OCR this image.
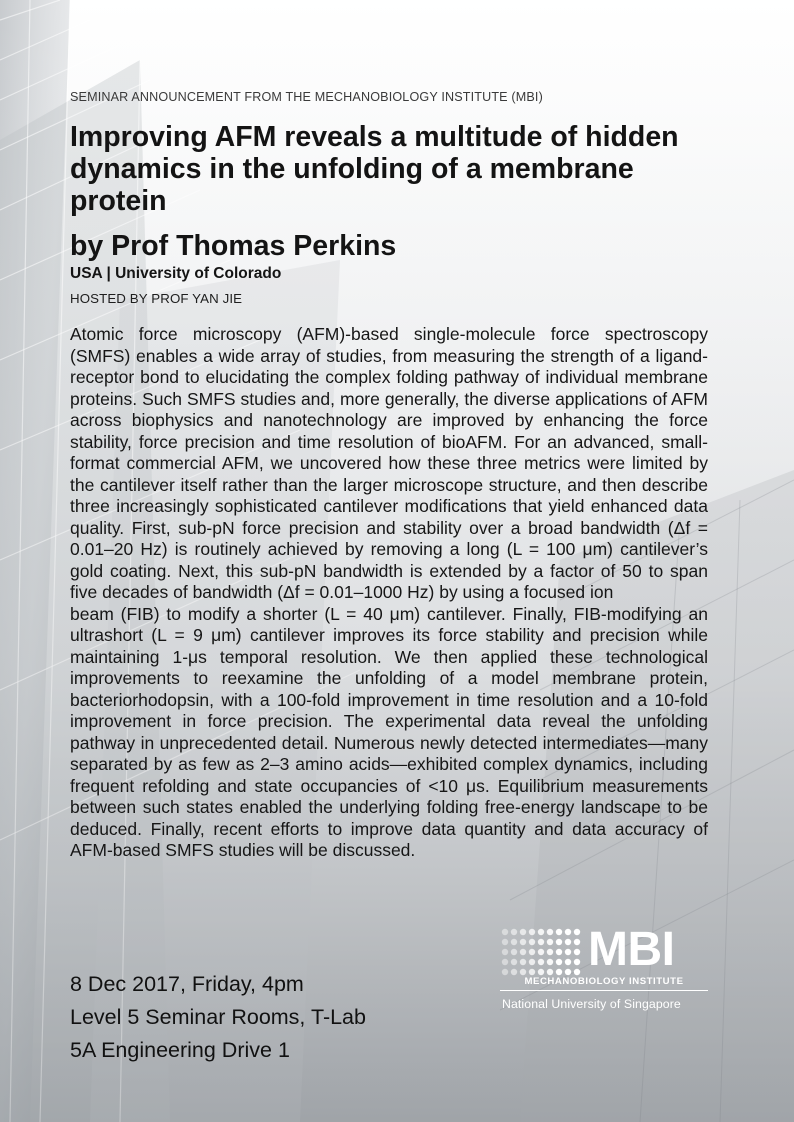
SEMINAR ANNOUNCEMENT FROM THE MECHANOBIOLOGY INSTITUTE (MBI)
Improving AFM reveals a multitude of hidden dynamics in the unfolding of a membrane protein
by Prof Thomas Perkins
USA | University of Colorado
HOSTED BY PROF YAN JIE

Atomic force microscopy (AFM)-based single-molecule force spectroscopy (SMFS) enables a wide array of studies, from measuring the strength of a ligand-receptor bond to elucidating the complex folding pathway of individual membrane proteins. Such SMFS studies and, more generally, the diverse applications of AFM across biophysics and nanotechnology are improved by enhancing the force stability, force precision and time resolution of bioAFM. For an advanced, small-format commercial AFM, we uncovered how these three metrics were limited by the cantilever itself rather than the larger microscope structure, and then describe three increasingly sophisticated cantilever modifications that yield enhanced data quality. First, sub-pN force precision and stability over a broad bandwidth (Δf = 0.01–20 Hz) is routinely achieved by removing a long (L = 100 μm) cantilever’s gold coating. Next, this sub-pN bandwidth is extended by a factor of 50 to span five decades of bandwidth (Δf = 0.01–1000 Hz) by using a focused ion

beam (FIB) to modify a shorter (L = 40 μm) cantilever. Finally, FIB-modifying an ultrashort (L = 9 μm) cantilever improves its force stability and precision while maintaining 1-μs temporal resolution. We then applied these technological improvements to reexamine the unfolding of a model membrane protein, bacteriorhodopsin, with a 100-fold improvement in time resolution and a 10-fold improvement in force precision. The experimental data reveal the unfolding pathway in unprecedented detail. Numerous newly detected intermediates—many separated by as few as 2–3 amino acids—exhibited complex dynamics, including frequent refolding and state occupancies of <10 μs. Equilibrium measurements between such states enabled the underlying folding free-energy landscape to be deduced. Finally, recent efforts to improve data quantity and data accuracy of AFM-based SMFS studies will be discussed.

8 Dec 2017, Friday, 4pm
Level 5 Seminar Rooms, T-Lab
5A Engineering Drive 1
MBI
MECHANOBIOLOGY INSTITUTE
National University of Singapore
